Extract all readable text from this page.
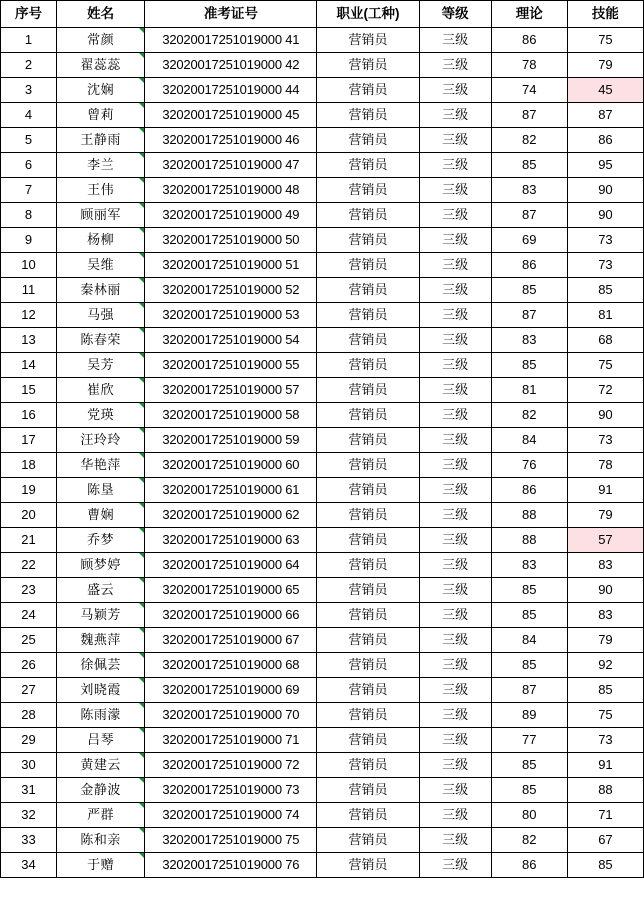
序号	姓名	准考证号	职业(工种)	等级	理论	技能
1	常颜	32020017251019000 41	营销员	三级	86	75
2	翟蕊蕊	32020017251019000 42	营销员	三级	78	79
3	沈娴	32020017251019000 44	营销员	三级	74	45
4	曾莉	32020017251019000 45	营销员	三级	87	87
5	王静雨	32020017251019000 46	营销员	三级	82	86
6	李兰	32020017251019000 47	营销员	三级	85	95
7	王伟	32020017251019000 48	营销员	三级	83	90
8	顾丽军	32020017251019000 49	营销员	三级	87	90
9	杨柳	32020017251019000 50	营销员	三级	69	73
10	吴维	32020017251019000 51	营销员	三级	86	73
11	秦林丽	32020017251019000 52	营销员	三级	85	85
12	马强	32020017251019000 53	营销员	三级	87	81
13	陈春荣	32020017251019000 54	营销员	三级	83	68
14	吴芳	32020017251019000 55	营销员	三级	85	75
15	崔欣	32020017251019000 57	营销员	三级	81	72
16	党瑛	32020017251019000 58	营销员	三级	82	90
17	汪玲玲	32020017251019000 59	营销员	三级	84	73
18	华艳萍	32020017251019000 60	营销员	三级	76	78
19	陈垦	32020017251019000 61	营销员	三级	86	91
20	曹娴	32020017251019000 62	营销员	三级	88	79
21	乔梦	32020017251019000 63	营销员	三级	88	57
22	顾梦婷	32020017251019000 64	营销员	三级	83	83
23	盛云	32020017251019000 65	营销员	三级	85	90
24	马颖芳	32020017251019000 66	营销员	三级	85	83
25	魏燕萍	32020017251019000 67	营销员	三级	84	79
26	徐佩芸	32020017251019000 68	营销员	三级	85	92
27	刘晓霞	32020017251019000 69	营销员	三级	87	85
28	陈雨濛	32020017251019000 70	营销员	三级	89	75
29	吕琴	32020017251019000 71	营销员	三级	77	73
30	黄建云	32020017251019000 72	营销员	三级	85	91
31	金静波	32020017251019000 73	营销员	三级	85	88
32	严群	32020017251019000 74	营销员	三级	80	71
33	陈和亲	32020017251019000 75	营销员	三级	82	67
34	于赠	32020017251019000 76	营销员	三级	86	85
